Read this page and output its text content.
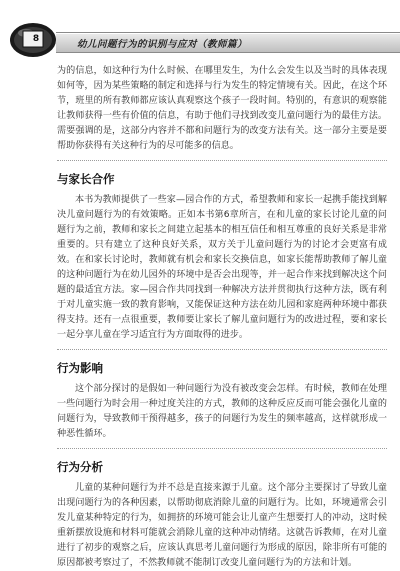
8	幼儿问题行为的识别与应对（教师篇）

为的信息，如这种行为什么时候、在哪里发生，为什么会发生以及当时的具体表现如何等，因为某些策略的制定和选择与行为发生的特定情境有关。因此，在这个环节，班里的所有教师都应该认真观察这个孩子一段时间。特别的，有意识的观察能让教师获得一些有价值的信息，有助于他们寻找到改变儿童问题行为的最佳方法。需要强调的是，这部分内容并不都和问题行为的改变方法有关。这一部分主要是要帮助你获得有关这种行为的尽可能多的信息。

与家长合作

本书为教师提供了一些家—园合作的方式，希望教师和家长一起携手能找到解决儿童问题行为的有效策略。正如本书第6章所言，在和儿童的家长讨论儿童的问题行为之前，教师和家长之间建立起基本的相互信任和相互尊重的良好关系是非常重要的。只有建立了这种良好关系，双方关于儿童问题行为的讨论才会更富有成效。在和家长讨论时，教师就有机会和家长交换信息，如家长能帮助教师了解儿童的这种问题行为在幼儿园外的环境中是否会出现等，并一起合作来找到解决这个问题的最适宜方法。家—园合作共同找到一种解决方法并贯彻执行这种方法，既有利于对儿童实施一致的教育影响，又能保证这种方法在幼儿园和家庭两种环境中都获得支持。还有一点很重要，教师要让家长了解儿童问题行为的改进过程，要和家长一起分享儿童在学习适宜行为方面取得的进步。

行为影响

这个部分探讨的是假如一种问题行为没有被改变会怎样。有时候，教师在处理一些问题行为时会用一种过度关注的方式，教师的这种反应反而可能会强化儿童的问题行为，导致教师干预得越多，孩子的问题行为发生的频率越高，这样就形成一种恶性循环。

行为分析

儿童的某种问题行为并不总是直接来源于儿童。这个部分主要探讨了导致儿童出现问题行为的各种因素，以帮助彻底消除儿童的问题行为。比如，环境通常会引发儿童某种特定的行为，如拥挤的环境可能会让儿童产生想要打人的冲动，这时候重新摆放设施和材料可能就会消除儿童的这种冲动情绪。这就告诉教师，在对儿童进行了初步的观察之后，应该认真思考儿童问题行为形成的原因，除非所有可能的原因都被考察过了，不然教师就不能制订改变儿童问题行为的方法和计划。
